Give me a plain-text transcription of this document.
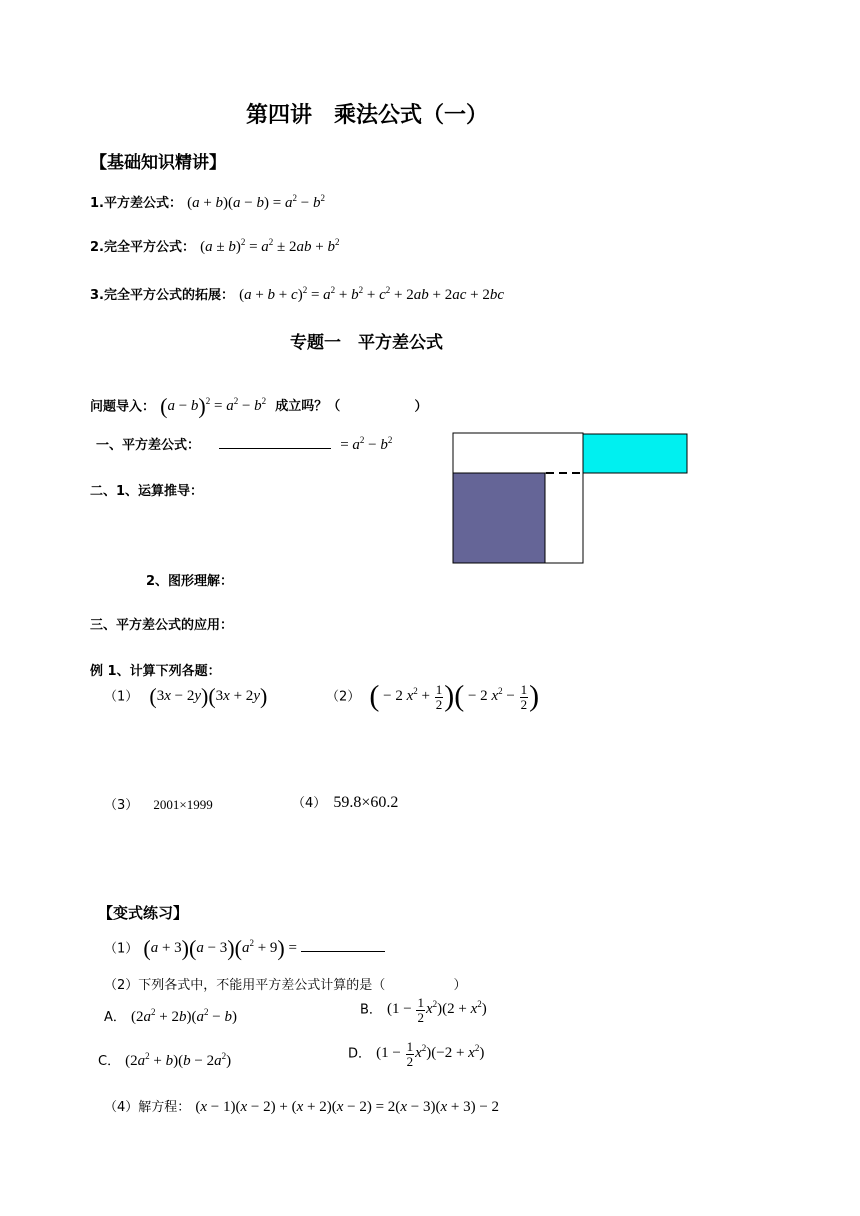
第四讲　乘法公式（一）
【基础知识精讲】
1.平方差公式： $(a + b)(a - b) = a^2 - b^2$
2.完全平方公式： $(a \pm b)^2 = a^2 \pm 2ab + b^2$
3.完全平方公式的拓展： $(a + b + c)^2 = a^2 + b^2 + c^2 + 2ab + 2ac + 2bc$
专题一　平方差公式
问题导入： $(a - b)^2 = a^2 - b^2$ 成立吗？（	）
一、平方差公式：	= $a^2 - b^2$
二、1、运算推导：
2、图形理解：
三、平方差公式的应用：
例 1、计算下列各题：
（1） (3x − 2y)(3x + 2y)	（2） ( − 2 $x^2 + \frac{1}{2}$ )( − 2 $x^2 - \frac{1}{2}$ )
（3） 2001×1999	（4） 59.8×60.2
【变式练习】
（1） $(a + 3)(a - 3)(a^2 + 9)$ =
（2）下列各式中，不能用平方差公式计算的是（	）
A． $(2a^2 + 2b)(a^2 - b)$	B． $(1 - \frac{1}{2} x^2)(2 + x^2)$
C． $(2a^2 + b)(b - 2a^2)$	D． $(1 - \frac{1}{2} x^2)(-2 + x^2)$
（4）解方程： (x − 1)(x − 2) + (x + 2)(x − 2) = 2(x − 3)(x + 3) − 2
